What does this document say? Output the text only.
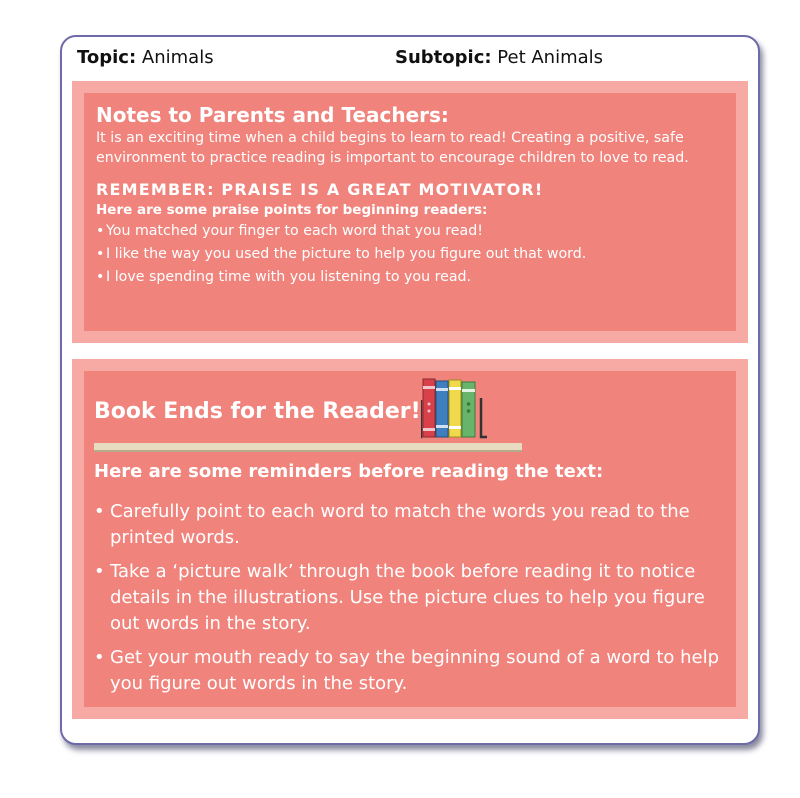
Topic: Animals	Subtopic: Pet Animals
Notes to Parents and Teachers:
It is an exciting time when a child begins to learn to read! Creating a positive, safe environment to practice reading is important to encourage children to love to read.
REMEMBER: PRAISE IS A GREAT MOTIVATOR!
Here are some praise points for beginning readers:
• You matched your finger to each word that you read!
• I like the way you used the picture to help you figure out that word.
• I love spending time with you listening to you read.
Book Ends for the Reader!
Here are some reminders before reading the text:
• Carefully point to each word to match the words you read to the printed words.
• Take a ‘picture walk’ through the book before reading it to notice details in the illustrations. Use the picture clues to help you figure out words in the story.
• Get your mouth ready to say the beginning sound of a word to help you figure out words in the story.
